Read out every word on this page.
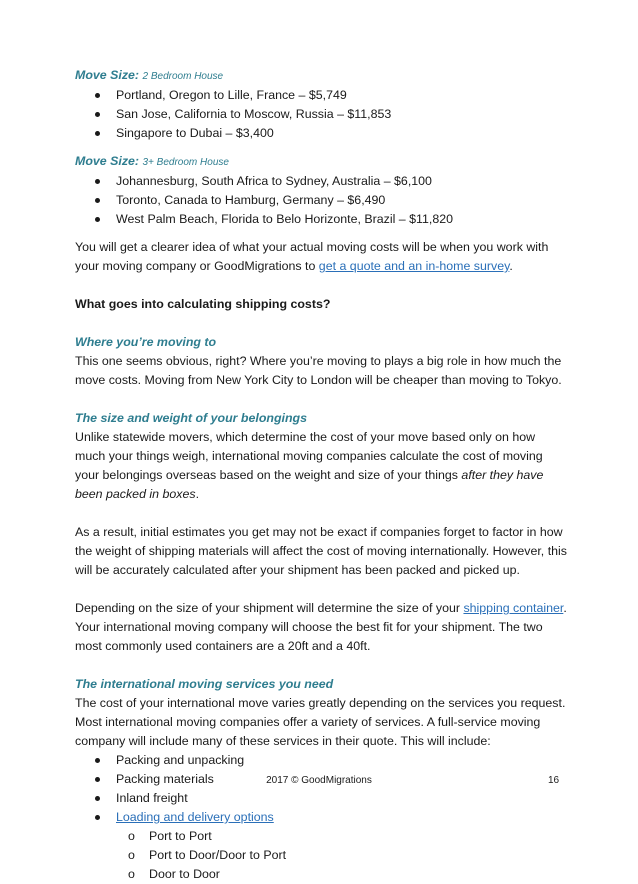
Move Size: 2 Bedroom House

Portland, Oregon to Lille, France – $5,749
San Jose, California to Moscow, Russia – $11,853
Singapore to Dubai – $3,400

Move Size: 3+ Bedroom House

Johannesburg, South Africa to Sydney, Australia – $6,100
Toronto, Canada to Hamburg, Germany – $6,490
West Palm Beach, Florida to Belo Horizonte, Brazil – $11,820

You will get a clearer idea of what your actual moving costs will be when you work with your moving company or GoodMigrations to get a quote and an in-home survey.

What goes into calculating shipping costs?

Where you’re moving to

This one seems obvious, right? Where you’re moving to plays a big role in how much the move costs. Moving from New York City to London will be cheaper than moving to Tokyo.

The size and weight of your belongings

Unlike statewide movers, which determine the cost of your move based only on how much your things weigh, international moving companies calculate the cost of moving your belongings overseas based on the weight and size of your things after they have been packed in boxes.

As a result, initial estimates you get may not be exact if companies forget to factor in how the weight of shipping materials will affect the cost of moving internationally. However, this will be accurately calculated after your shipment has been packed and picked up.

Depending on the size of your shipment will determine the size of your shipping container. Your international moving company will choose the best fit for your shipment. The two most commonly used containers are a 20ft and a 40ft.

The international moving services you need

The cost of your international move varies greatly depending on the services you request. Most international moving companies offer a variety of services. A full-service moving company will include many of these services in their quote. This will include:

Packing and unpacking
Packing materials
Inland freight
Loading and delivery options
o Port to Port
o Port to Door/Door to Port
o Door to Door
2017 © GoodMigrations	16
